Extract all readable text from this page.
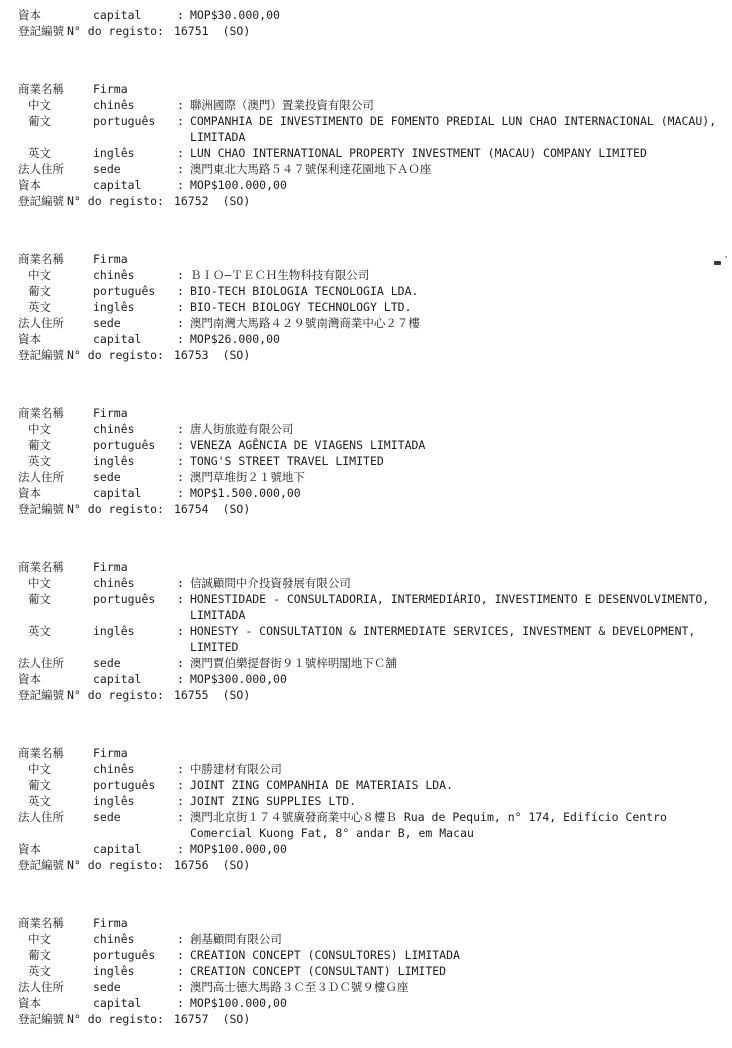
資本	capital	: MOP$30.000,00
登記編號 N° do registo: 16751 (SO)
商業名稱	Firma
中文	chinês	: 聯洲國際（澳門）置業投資有限公司
葡文	português	: COMPANHIA DE INVESTIMENTO DE FOMENTO PREDIAL LUN CHAO INTERNACIONAL (MACAU), LIMITADA
英文	inglês	: LUN CHAO INTERNATIONAL PROPERTY INVESTMENT (MACAU) COMPANY LIMITED
法人住所	sede	: 澳門東北大馬路５４７號保利達花園地下ＡＯ座
資本	capital	: MOP$100.000,00
登記編號 N° do registo: 16752 (SO)
商業名稱	Firma
中文	chinês	: ＢＩＯ—ＴＥＣＨ生物科技有限公司
葡文	português	: BIO-TECH BIOLOGIA TECNOLOGIA LDA.
英文	inglês	: BIO-TECH BIOLOGY TECHNOLOGY LTD.
法人住所	sede	: 澳門南灣大馬路４２９號南灣商業中心２７樓
資本	capital	: MOP$26.000,00
登記編號 N° do registo: 16753 (SO)
商業名稱	Firma
中文	chinês	: 唐人街旅遊有限公司
葡文	português	: VENEZA AGÊNCIA DE VIAGENS LIMITADA
英文	inglês	: TONG'S STREET TRAVEL LIMITED
法人住所	sede	: 澳門草堆街２１號地下
資本	capital	: MOP$1.500.000,00
登記編號 N° do registo: 16754 (SO)
商業名稱	Firma
中文	chinês	: 信誠顧問中介投資發展有限公司
葡文	português	: HONESTIDADE - CONSULTADORIA, INTERMEDIÁRIO, INVESTIMENTO E DESENVOLVIMENTO, LIMITADA
英文	inglês	: HONESTY - CONSULTATION & INTERMEDIATE SERVICES, INVESTMENT & DEVELOPMENT, LIMITED
法人住所	sede	: 澳門賈伯樂提督街９１號梓明閣地下Ｃ舖
資本	capital	: MOP$300.000,00
登記編號 N° do registo: 16755 (SO)
商業名稱	Firma
中文	chinês	: 中勝建材有限公司
葡文	português	: JOINT ZING COMPANHIA DE MATERIAIS LDA.
英文	inglês	: JOINT ZING SUPPLIES LTD.
法人住所	sede	: 澳門北京街１７４號廣發商業中心８樓Ｂ Rua de Pequim, n° 174, Edifício Centro Comercial Kuong Fat, 8° andar B, em Macau
資本	capital	: MOP$100.000,00
登記編號 N° do registo: 16756 (SO)
商業名稱	Firma
中文	chinês	: 創基顧問有限公司
葡文	português	: CREATION CONCEPT (CONSULTORES) LIMITADA
英文	inglês	: CREATION CONCEPT (CONSULTANT) LIMITED
法人住所	sede	: 澳門高士德大馬路３Ｃ至３ＤＣ號９樓Ｇ座
資本	capital	: MOP$100.000,00
登記編號 N° do registo: 16757 (SO)
